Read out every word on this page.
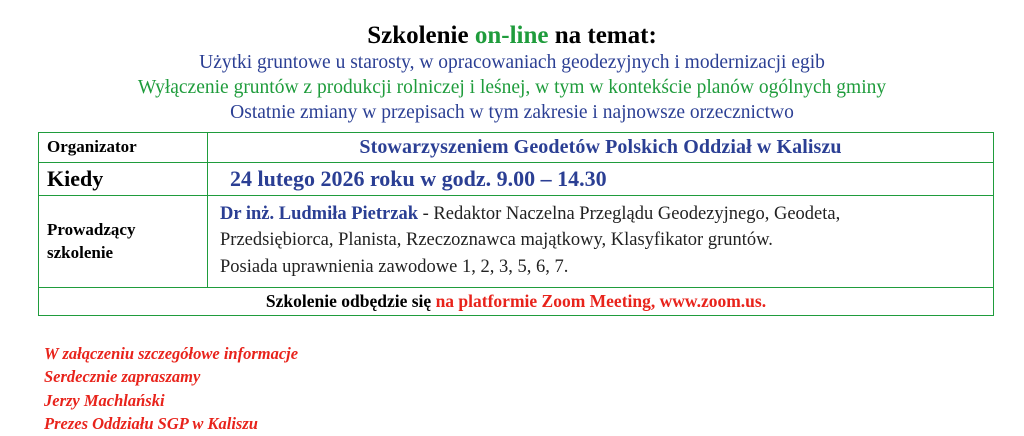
Szkolenie on-line na temat:
Użytki gruntowe u starosty, w opracowaniach geodezyjnych i modernizacji egib
Wyłączenie gruntów z produkcji rolniczej i leśnej, w tym w kontekście planów ogólnych gminy
Ostatnie zmiany w przepisach w tym zakresie i najnowsze orzecznictwo
Organizator	Stowarzyszeniem Geodetów Polskich Oddział w Kaliszu
Kiedy	24 lutego 2026 roku w godz. 9.00 – 14.30

Prowadzący szkolenie	Dr inż. Ludmiła Pietrzak - Redaktor Naczelna Przeglądu Geodezyjnego, Geodeta,
Przedsiębiorca, Planista, Rzeczoznawca majątkowy, Klasyfikator gruntów.
Posiada uprawnienia zawodowe 1, 2, 3, 5, 6, 7.

Szkolenie odbędzie się na platformie Zoom Meeting, www.zoom.us.	
W załączeniu szczegółowe informacje
Serdecznie zapraszamy
Jerzy Machlański
Prezes Oddziału SGP w Kaliszu
